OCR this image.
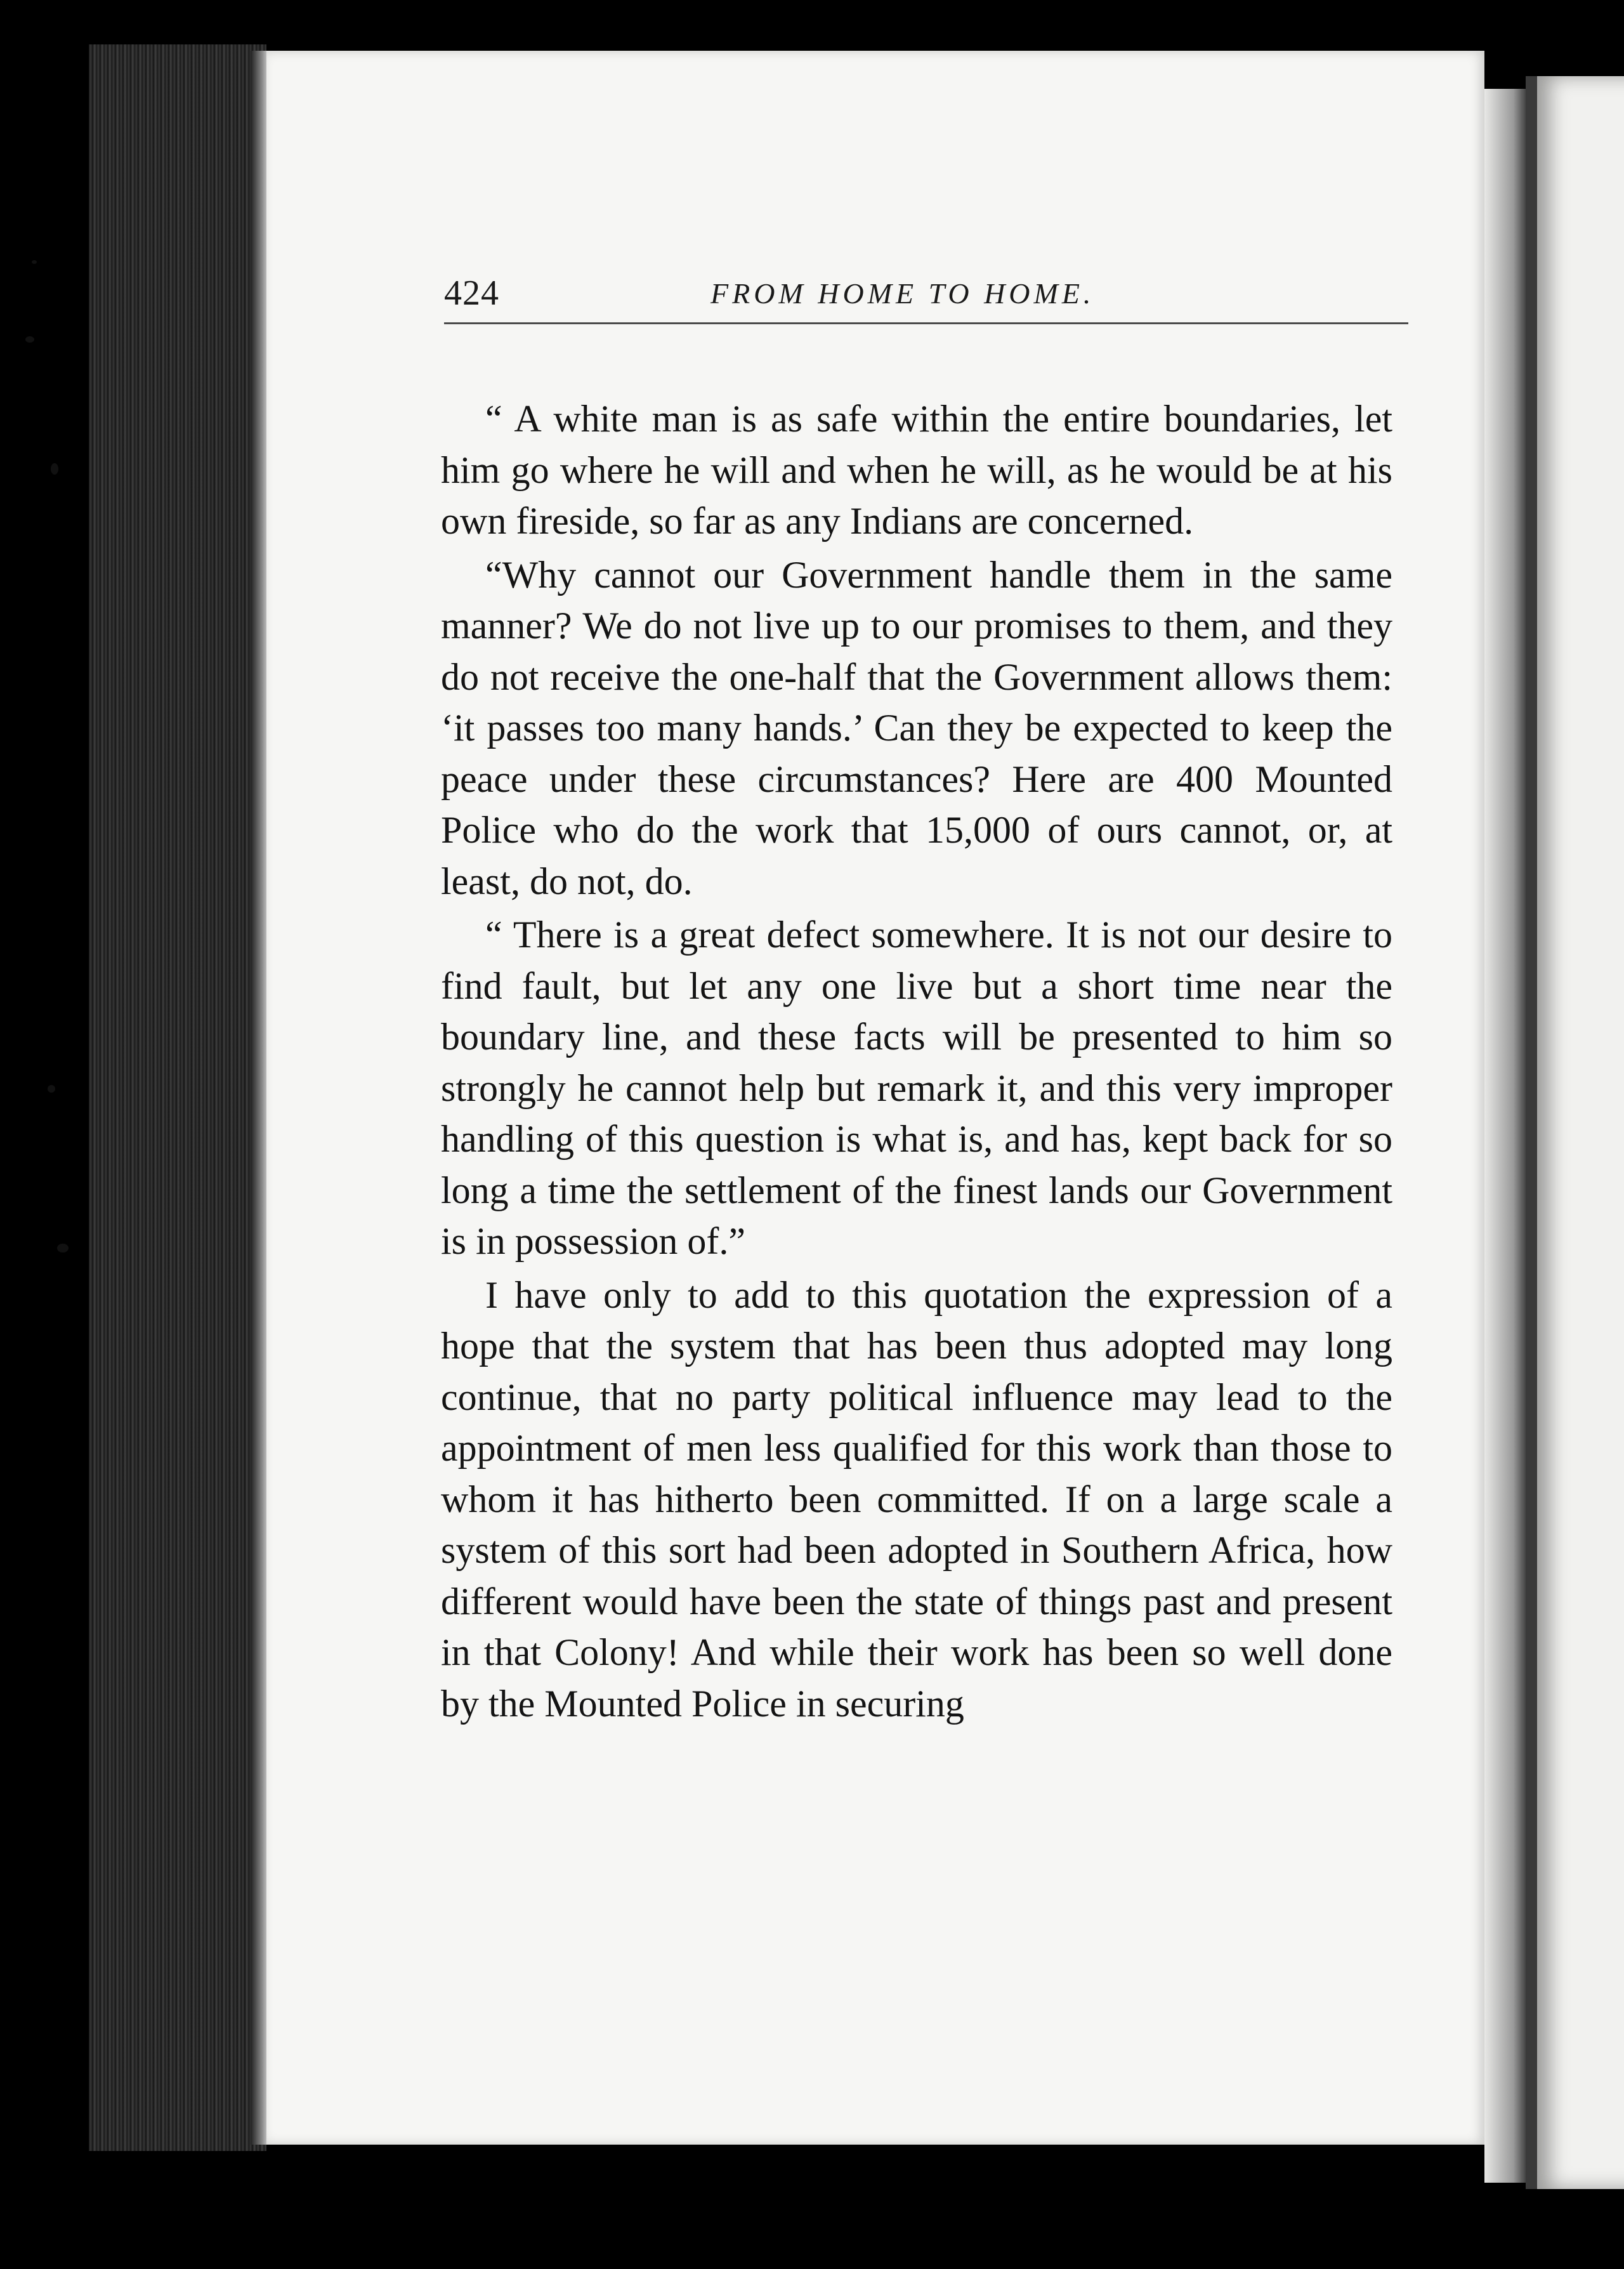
424	FROM HOME TO HOME.

“ A white man is as safe within the entire boundaries, let him go where he will and when he will, as he would be at his own fireside, so far as any Indians are concerned.

“Why cannot our Government handle them in the same manner? We do not live up to our promises to them, and they do not receive the one-half that the Government allows them: ‘it passes too many hands.’ Can they be expected to keep the peace under these circumstances? Here are 400 Mounted Police who do the work that 15,000 of ours cannot, or, at least, do not, do.

“ There is a great defect somewhere. It is not our desire to find fault, but let any one live but a short time near the boundary line, and these facts will be presented to him so strongly he cannot help but remark it, and this very improper handling of this question is what is, and has, kept back for so long a time the settlement of the finest lands our Government is in possession of.”

I have only to add to this quotation the expression of a hope that the system that has been thus adopted may long continue, that no party political influence may lead to the appointment of men less qualified for this work than those to whom it has hitherto been committed. If on a large scale a system of this sort had been adopted in Southern Africa, how different would have been the state of things past and present in that Colony! And while their work has been so well done by the Mounted Police in securing
